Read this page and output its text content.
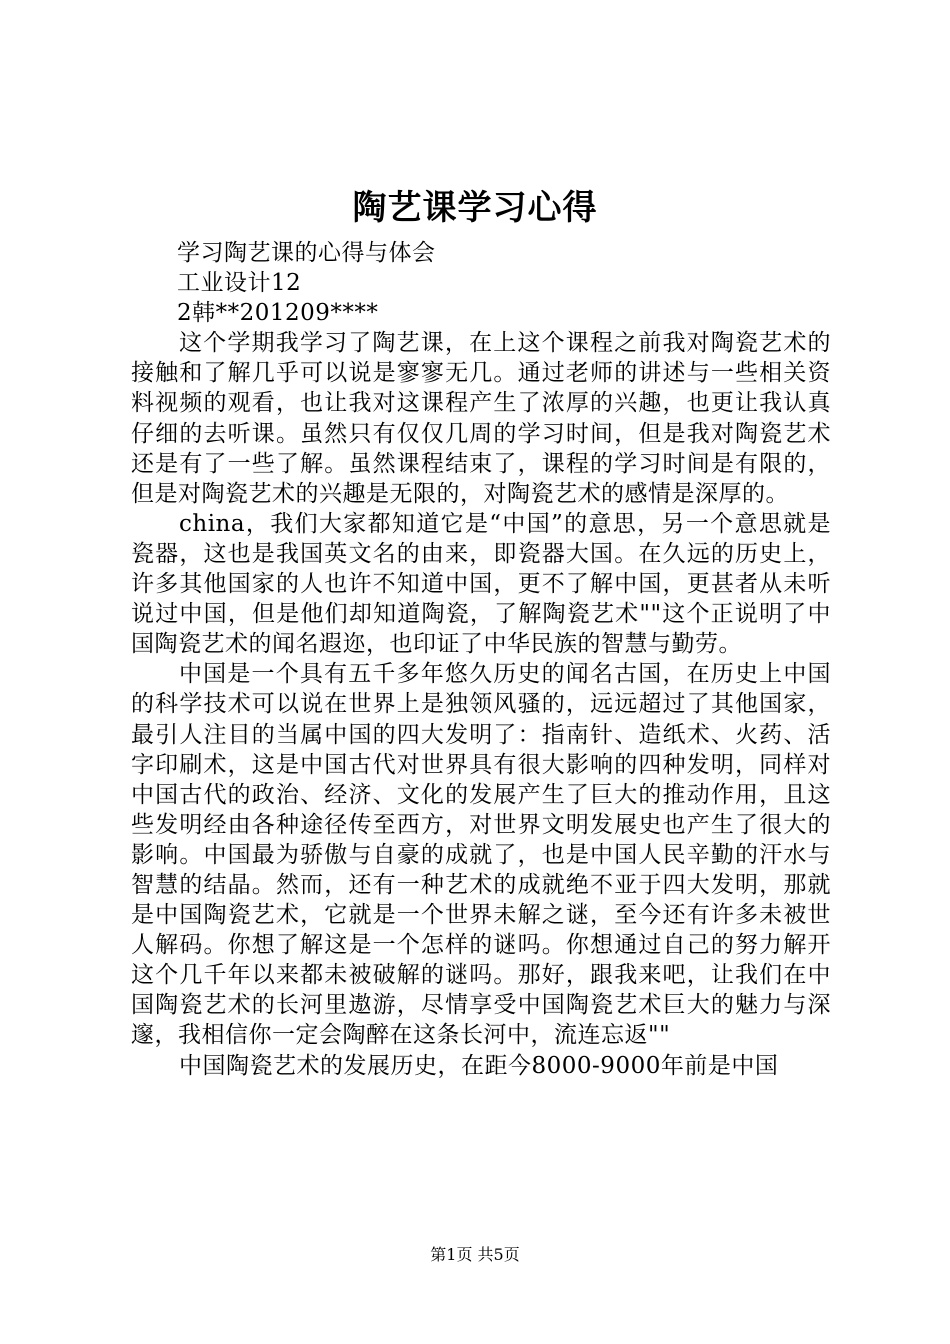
陶艺课学习心得
学习陶艺课的心得与体会
工业设计12
2韩**201209****

这个学期我学习了陶艺课，在上这个课程之前我对陶瓷艺术的接触和了解几乎可以说是寥寥无几。通过老师的讲述与一些相关资料视频的观看，也让我对这课程产生了浓厚的兴趣，也更让我认真仔细的去听课。虽然只有仅仅几周的学习时间，但是我对陶瓷艺术还是有了一些了解。虽然课程结束了，课程的学习时间是有限的，但是对陶瓷艺术的兴趣是无限的，对陶瓷艺术的感情是深厚的。

china，我们大家都知道它是“中国”的意思，另一个意思就是瓷器，这也是我国英文名的由来，即瓷器大国。在久远的历史上，许多其他国家的人也许不知道中国，更不了解中国，更甚者从未听说过中国，但是他们却知道陶瓷，了解陶瓷艺术""这个正说明了中国陶瓷艺术的闻名遐迩，也印证了中华民族的智慧与勤劳。

中国是一个具有五千多年悠久历史的闻名古国，在历史上中国的科学技术可以说在世界上是独领风骚的，远远超过了其他国家，最引人注目的当属中国的四大发明了：指南针、造纸术、火药、活字印刷术，这是中国古代对世界具有很大影响的四种发明，同样对中国古代的政治、经济、文化的发展产生了巨大的推动作用，且这些发明经由各种途径传至西方，对世界文明发展史也产生了很大的影响。中国最为骄傲与自豪的成就了，也是中国人民辛勤的汗水与智慧的结晶。然而，还有一种艺术的成就绝不亚于四大发明，那就是中国陶瓷艺术，它就是一个世界未解之谜，至今还有许多未被世人解码。你想了解这是一个怎样的谜吗。你想通过自己的努力解开这个几千年以来都未被破解的谜吗。那好，跟我来吧，让我们在中国陶瓷艺术的长河里遨游，尽情享受中国陶瓷艺术巨大的魅力与深邃，我相信你一定会陶醉在这条长河中，流连忘返""

中国陶瓷艺术的发展历史，在距今8000-9000年前是中国

第1页 共5页
